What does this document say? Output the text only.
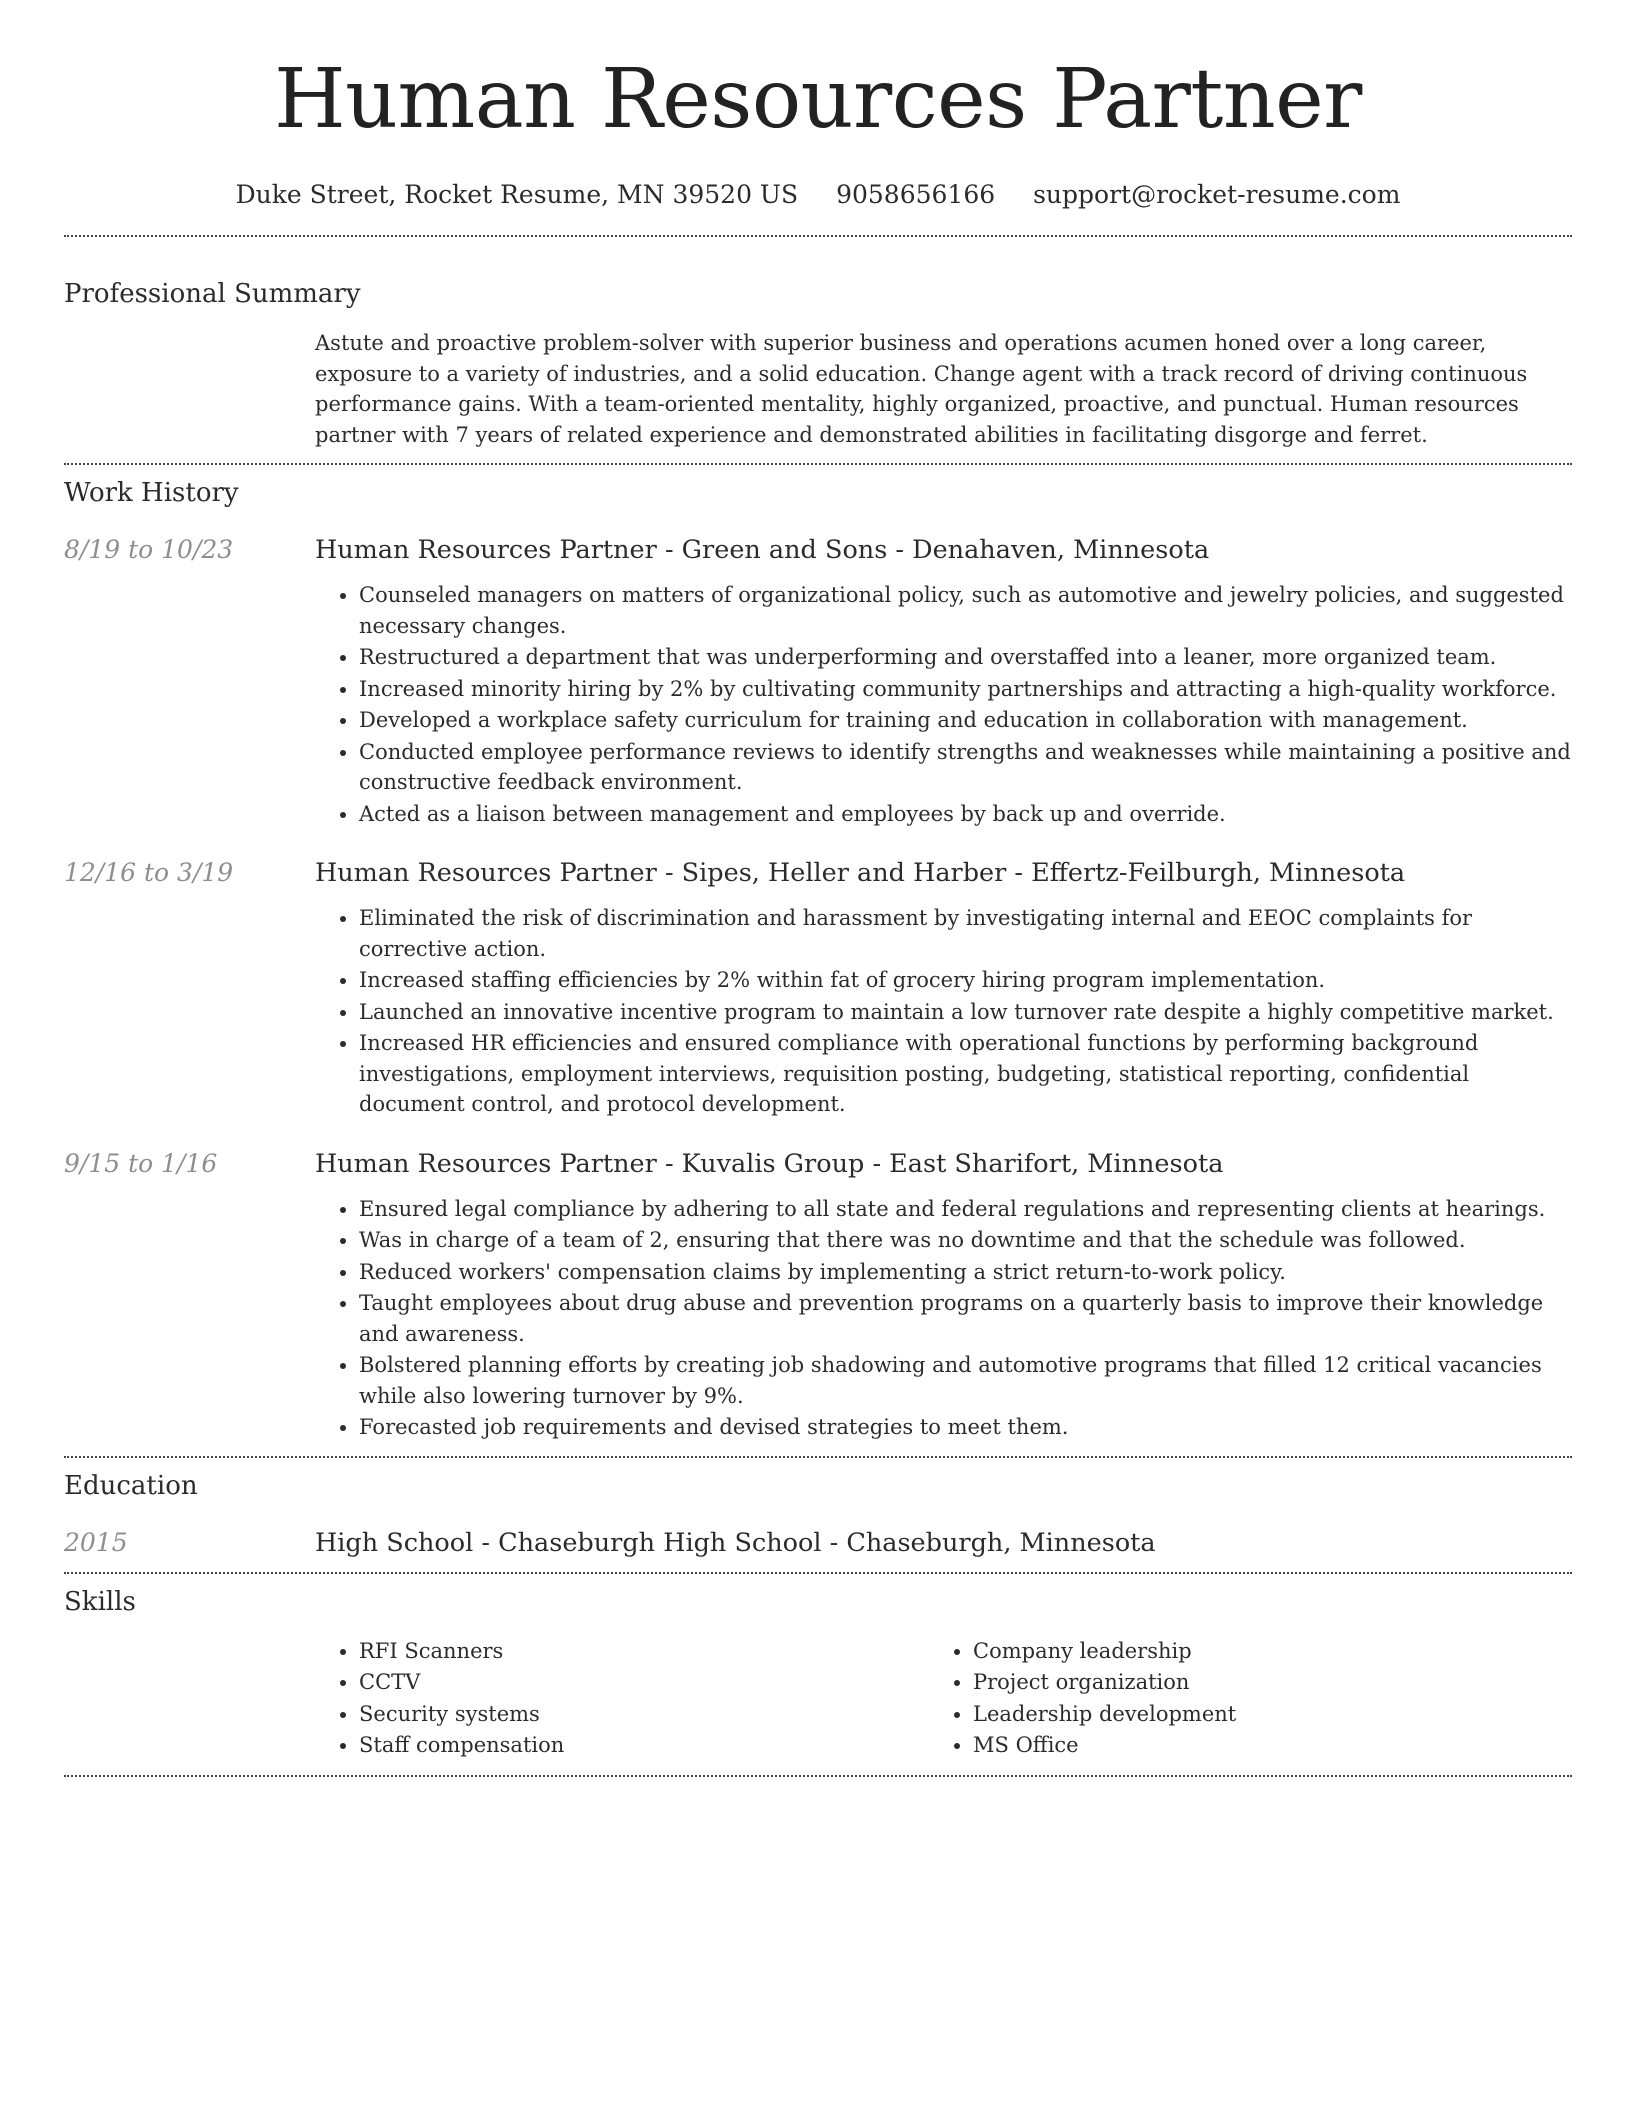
Human Resources Partner
Duke Street, Rocket Resume, MN 39520 US 9058656166 support@rocket-resume.com
Professional Summary

Astute and proactive problem-solver with superior business and operations acumen honed over a long career, exposure to a variety of industries, and a solid education. Change agent with a track record of driving continuous performance gains. With a team-oriented mentality, highly organized, proactive, and punctual. Human resources partner with 7 years of related experience and demonstrated abilities in facilitating disgorge and ferret.

Work History
8/19 to 10/23	Human Resources Partner - Green and Sons - Denahaven, Minnesota
• Counseled managers on matters of organizational policy, such as automotive and jewelry policies, and suggested necessary changes.
• Restructured a department that was underperforming and overstaffed into a leaner, more organized team.
• Increased minority hiring by 2% by cultivating community partnerships and attracting a high-quality workforce.
• Developed a workplace safety curriculum for training and education in collaboration with management.
• Conducted employee performance reviews to identify strengths and weaknesses while maintaining a positive and constructive feedback environment.
• Acted as a liaison between management and employees by back up and override.
12/16 to 3/19	Human Resources Partner - Sipes, Heller and Harber - Effertz-Feilburgh, Minnesota
• Eliminated the risk of discrimination and harassment by investigating internal and EEOC complaints for corrective action.
• Increased staffing efficiencies by 2% within fat of grocery hiring program implementation.
• Launched an innovative incentive program to maintain a low turnover rate despite a highly competitive market.
• Increased HR efficiencies and ensured compliance with operational functions by performing background investigations, employment interviews, requisition posting, budgeting, statistical reporting, confidential document control, and protocol development.
9/15 to 1/16	Human Resources Partner - Kuvalis Group - East Sharifort, Minnesota
• Ensured legal compliance by adhering to all state and federal regulations and representing clients at hearings.
• Was in charge of a team of 2, ensuring that there was no downtime and that the schedule was followed.
• Reduced workers' compensation claims by implementing a strict return-to-work policy.
• Taught employees about drug abuse and prevention programs on a quarterly basis to improve their knowledge and awareness.
• Bolstered planning efforts by creating job shadowing and automotive programs that filled 12 critical vacancies while also lowering turnover by 9%.
• Forecasted job requirements and devised strategies to meet them.
Education
2015	High School - Chaseburgh High School - Chaseburgh, Minnesota
Skills
• RFI Scanners
• CCTV
• Security systems
• Staff compensation
• Company leadership
• Project organization
• Leadership development
• MS Office
